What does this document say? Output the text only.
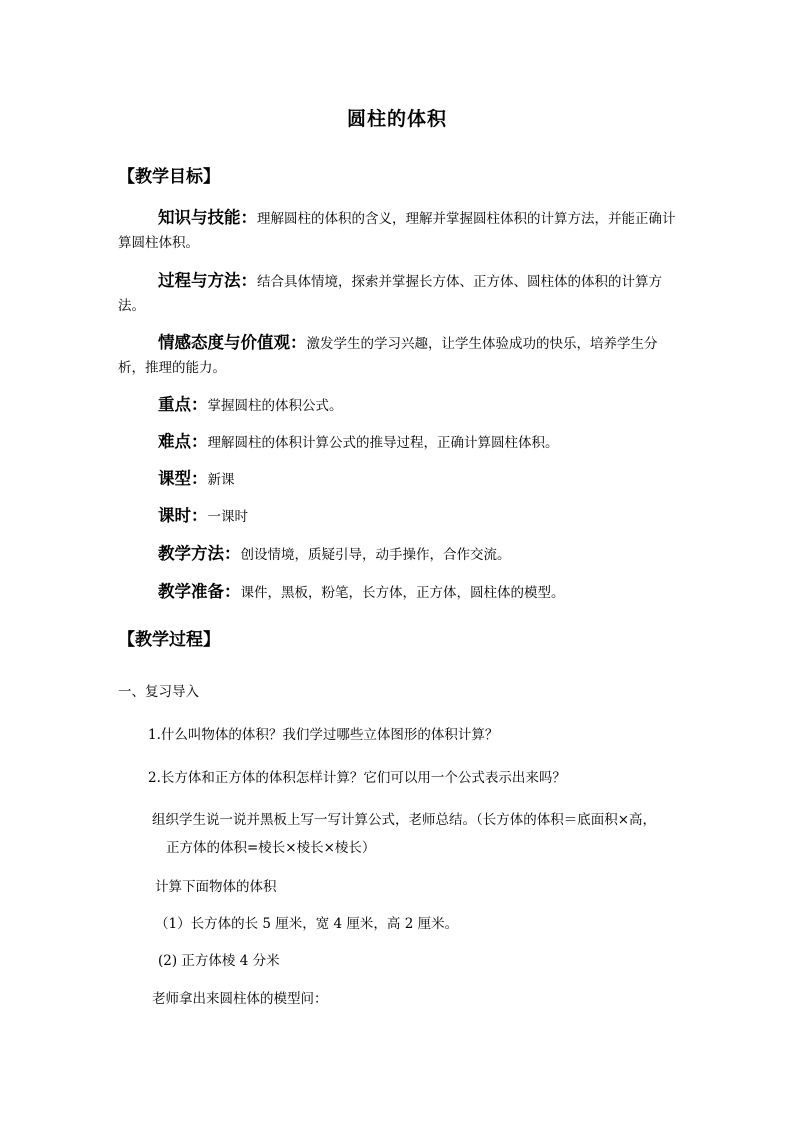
圆柱的体积
【教学目标】
知识与技能：理解圆柱的体积的含义，理解并掌握圆柱体积的计算方法，并能正确计算圆柱体积。
过程与方法：结合具体情境，探索并掌握长方体、正方体、圆柱体的体积的计算方法。
情感态度与价值观：激发学生的学习兴趣，让学生体验成功的快乐，培养学生分析，推理的能力。
重点：掌握圆柱的体积公式。
难点：理解圆柱的体积计算公式的推导过程，正确计算圆柱体积。
课型：新课
课时：一课时
教学方法：创设情境，质疑引导，动手操作，合作交流。
教学准备：课件，黑板，粉笔，长方体，正方体，圆柱体的模型。
【教学过程】
一、复习导入
1.什么叫物体的体积？我们学过哪些立体图形的体积计算？
2.长方体和正方体的体积怎样计算？它们可以用一个公式表示出来吗？
组织学生说一说并黑板上写一写计算公式，老师总结。（长方体的体积＝底面积×高，
正方体的体积=棱长×棱长×棱长）
计算下面物体的体积
（1）长方体的长 5 厘米，宽 4 厘米，高 2 厘米。
(2) 正方体棱 4 分米
老师拿出来圆柱体的模型问：
